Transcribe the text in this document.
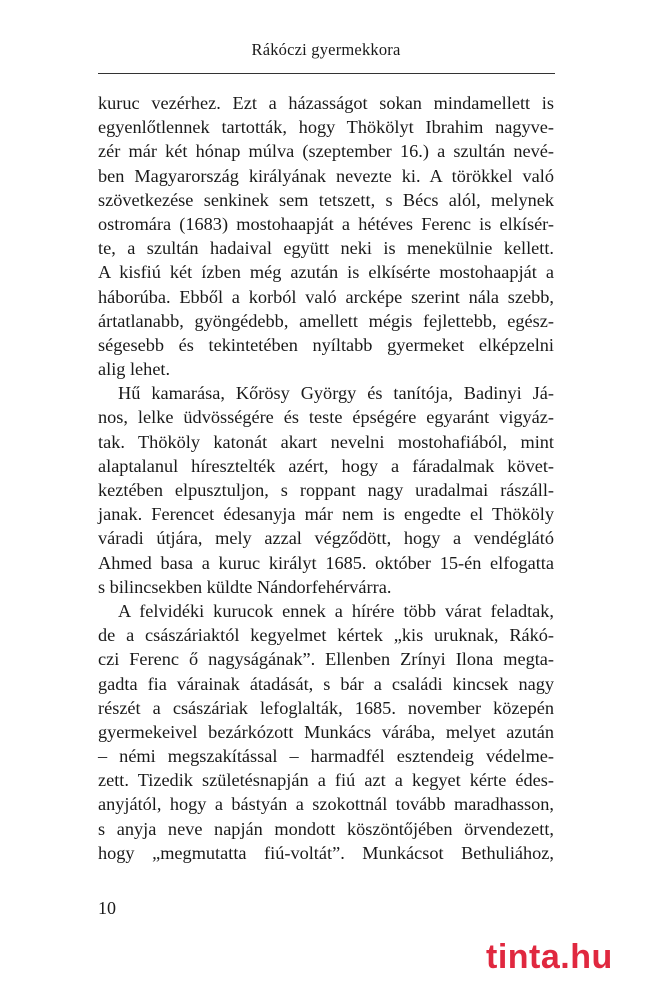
Rákóczi gyermekkora
kuruc vezérhez. Ezt a házasságot sokan mindamellett is
egyenlőtlennek tartották, hogy Thökölyt Ibrahim nagyve-
zér már két hónap múlva (szeptember 16.) a szultán nevé-
ben Magyarország királyának nevezte ki. A törökkel való
szövetkezése senkinek sem tetszett, s Bécs alól, melynek
ostromára (1683) mostohaapját a hétéves Ferenc is elkísér-
te, a szultán hadaival együtt neki is menekülnie kellett.
A kisfiú két ízben még azután is elkísérte mostohaapját a
háborúba. Ebből a korból való arcképe szerint nála szebb,
ártatlanabb, gyöngédebb, amellett mégis fejlettebb, egész-
ségesebb és tekintetében nyíltabb gyermeket elképzelni
alig lehet.
Hű kamarása, Kőrösy György és tanítója, Badinyi Já-
nos, lelke üdvösségére és teste épségére egyaránt vigyáz-
tak. Thököly katonát akart nevelni mostohafiából, mint
alaptalanul híresztelték azért, hogy a fáradalmak követ-
keztében elpusztuljon, s roppant nagy uradalmai rászáll-
janak. Ferencet édesanyja már nem is engedte el Thököly
váradi útjára, mely azzal végződött, hogy a vendéglátó
Ahmed basa a kuruc királyt 1685. október 15-én elfogatta
s bilincsekben küldte Nándorfehérvárra.
A felvidéki kurucok ennek a hírére több várat feladtak,
de a császáriaktól kegyelmet kértek „kis uruknak, Rákó-
czi Ferenc ő nagyságának”. Ellenben Zrínyi Ilona megta-
gadta fia várainak átadását, s bár a családi kincsek nagy
részét a császáriak lefoglalták, 1685. november közepén
gyermekeivel bezárkózott Munkács várába, melyet azután
– némi megszakítással – harmadfél esztendeig védelme-
zett. Tizedik születésnapján a fiú azt a kegyet kérte édes-
anyjától, hogy a bástyán a szokottnál tovább maradhasson,
s anyja neve napján mondott köszöntőjében örvendezett,
hogy „megmutatta fiú-voltát”. Munkácsot Bethuliához,
10
tinta.hu
